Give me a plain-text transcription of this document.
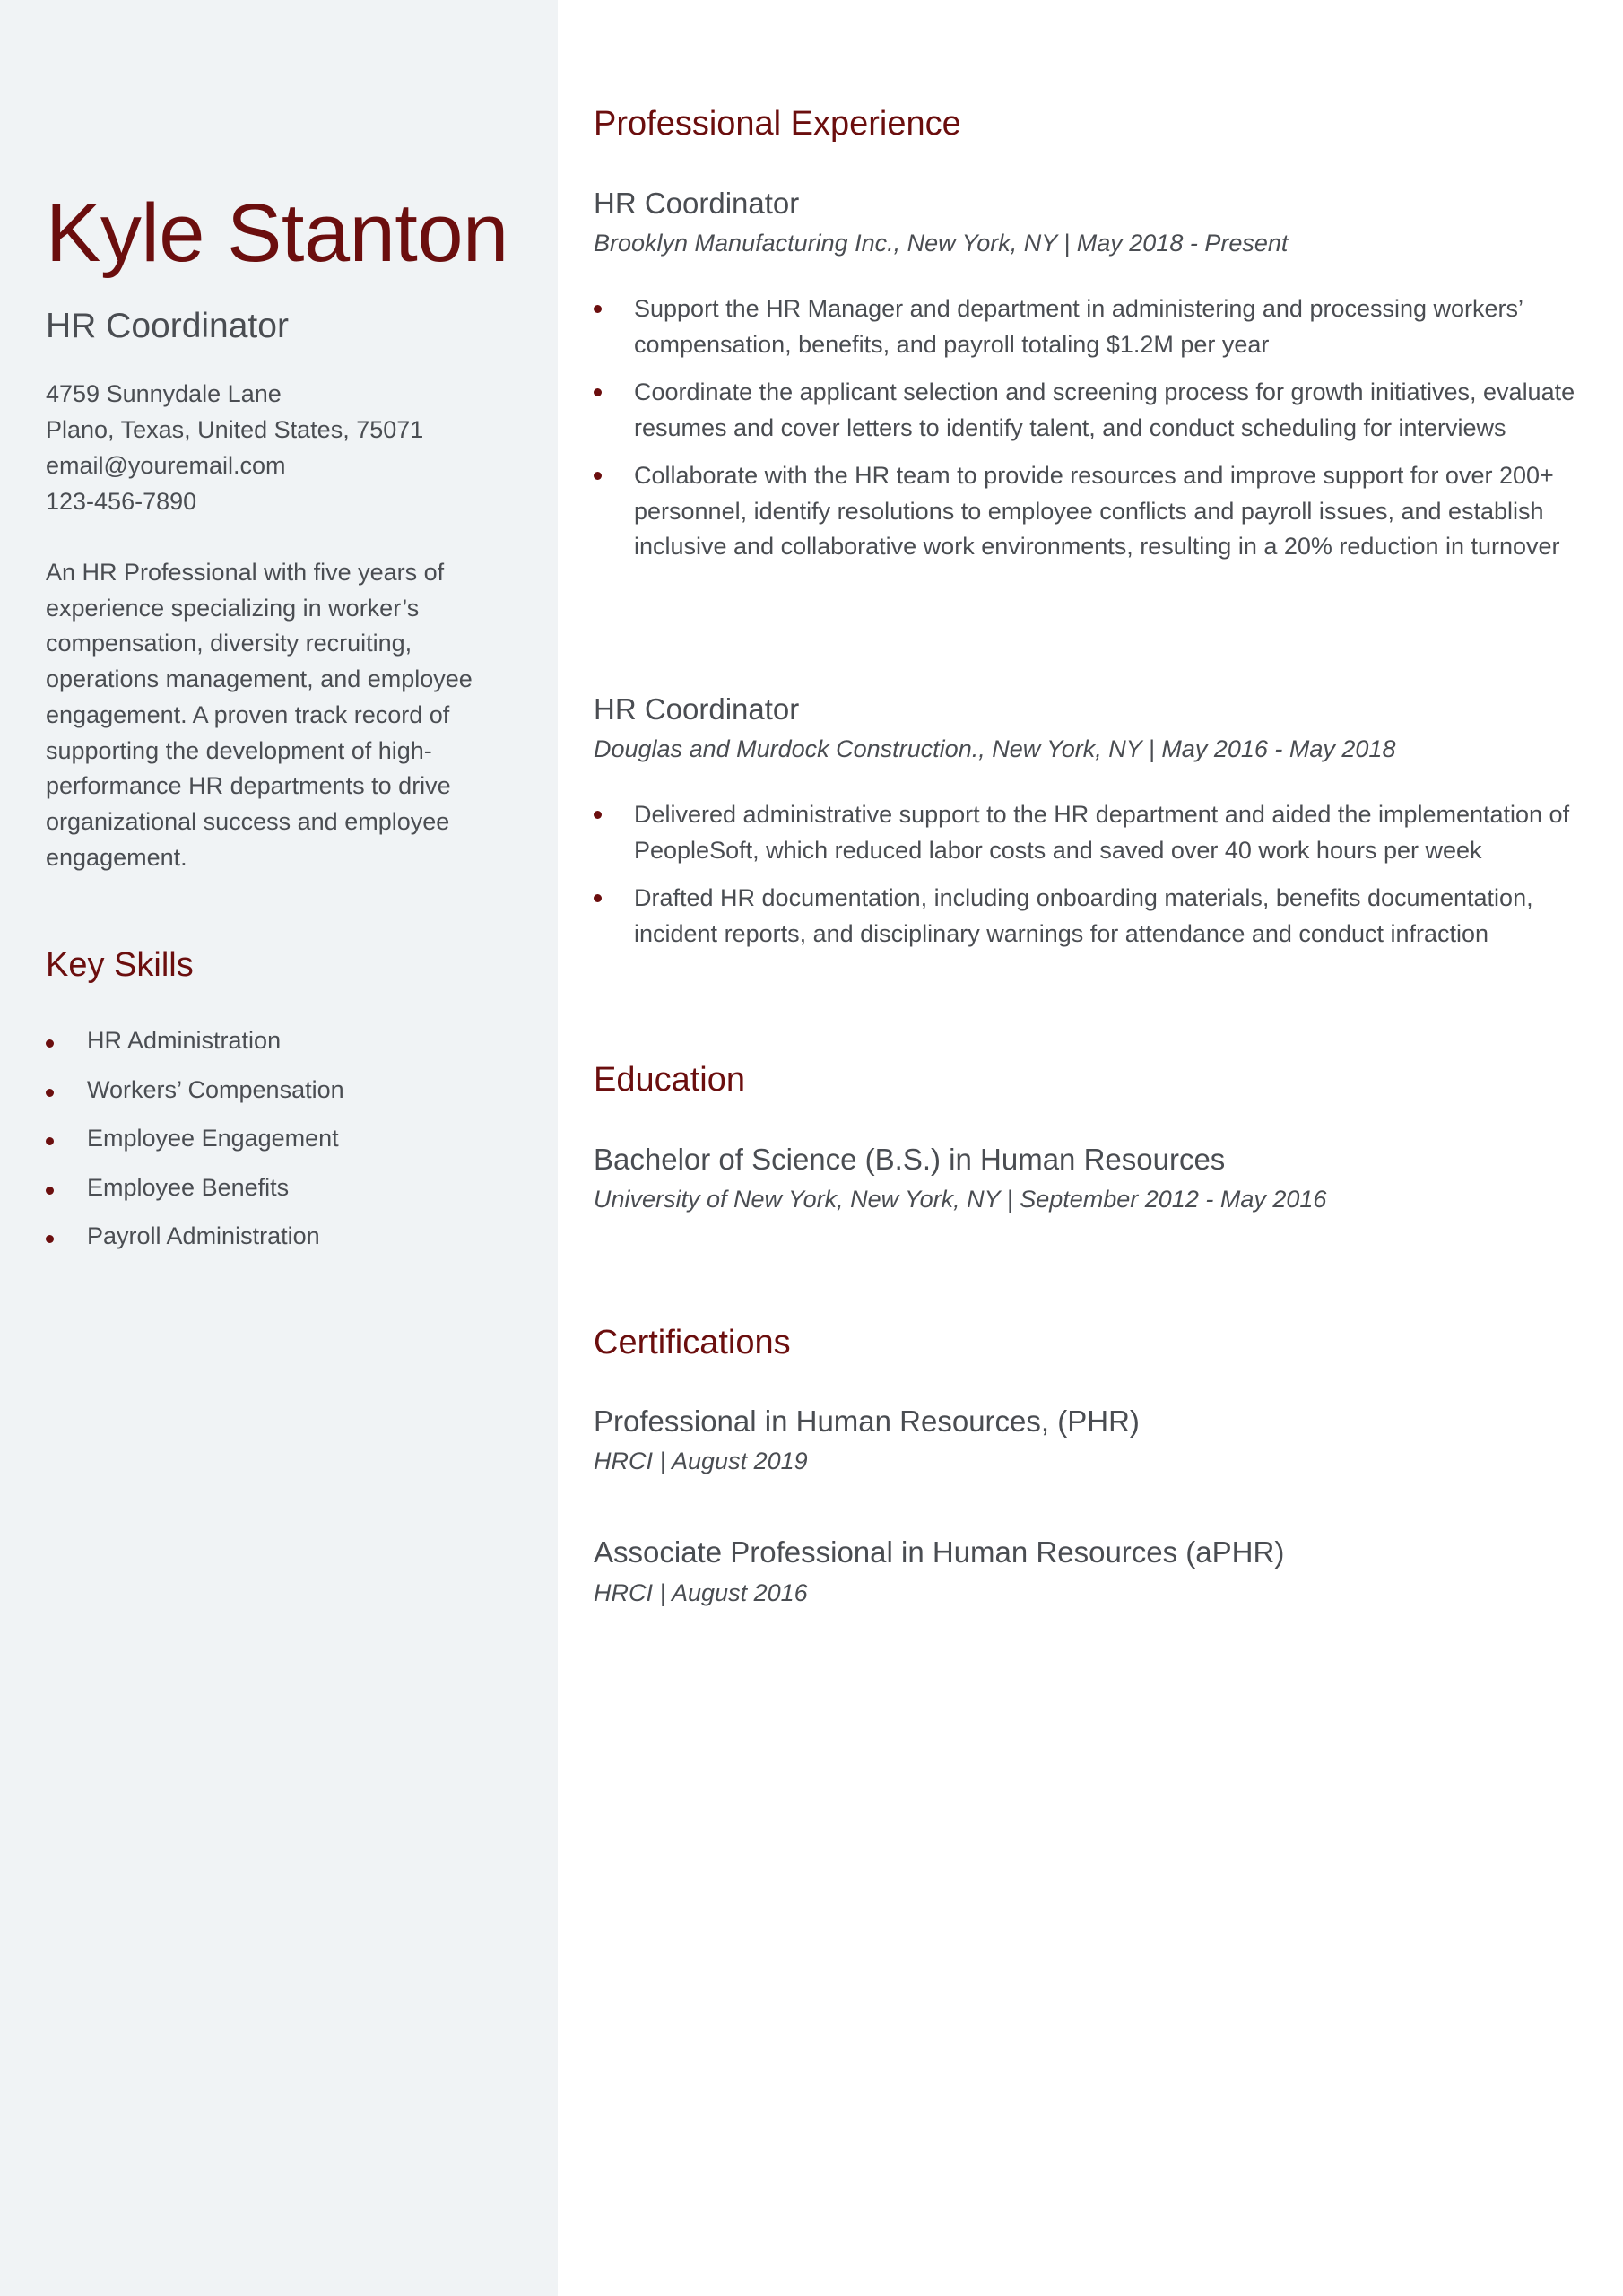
Kyle Stanton
HR Coordinator
4759 Sunnydale Lane
Plano, Texas, United States, 75071
email@youremail.com
123-456-7890

An HR Professional with five years of experience specializing in worker’s compensation, diversity recruiting, operations management, and employee engagement. A proven track record of supporting the development of high-performance HR departments to drive organizational success and employee engagement.

Key Skills
HR Administration
Workers’ Compensation
Employee Engagement
Employee Benefits
Payroll Administration
Professional Experience
HR Coordinator
Brooklyn Manufacturing Inc., New York, NY | May 2018 - Present
Support the HR Manager and department in administering and processing workers’ compensation, benefits, and payroll totaling $1.2M per year
Coordinate the applicant selection and screening process for growth initiatives, evaluate resumes and cover letters to identify talent, and conduct scheduling for interviews
Collaborate with the HR team to provide resources and improve support for over 200+ personnel, identify resolutions to employee conflicts and payroll issues, and establish inclusive and collaborative work environments, resulting in a 20% reduction in turnover
HR Coordinator
Douglas and Murdock Construction., New York, NY | May 2016 - May 2018
Delivered administrative support to the HR department and aided the implementation of PeopleSoft, which reduced labor costs and saved over 40 work hours per week
Drafted HR documentation, including onboarding materials, benefits documentation, incident reports, and disciplinary warnings for attendance and conduct infraction
Education
Bachelor of Science (B.S.) in Human Resources
University of New York, New York, NY | September 2012 - May 2016
Certifications
Professional in Human Resources, (PHR)
HRCI | August 2019
Associate Professional in Human Resources (aPHR)
HRCI | August 2016
